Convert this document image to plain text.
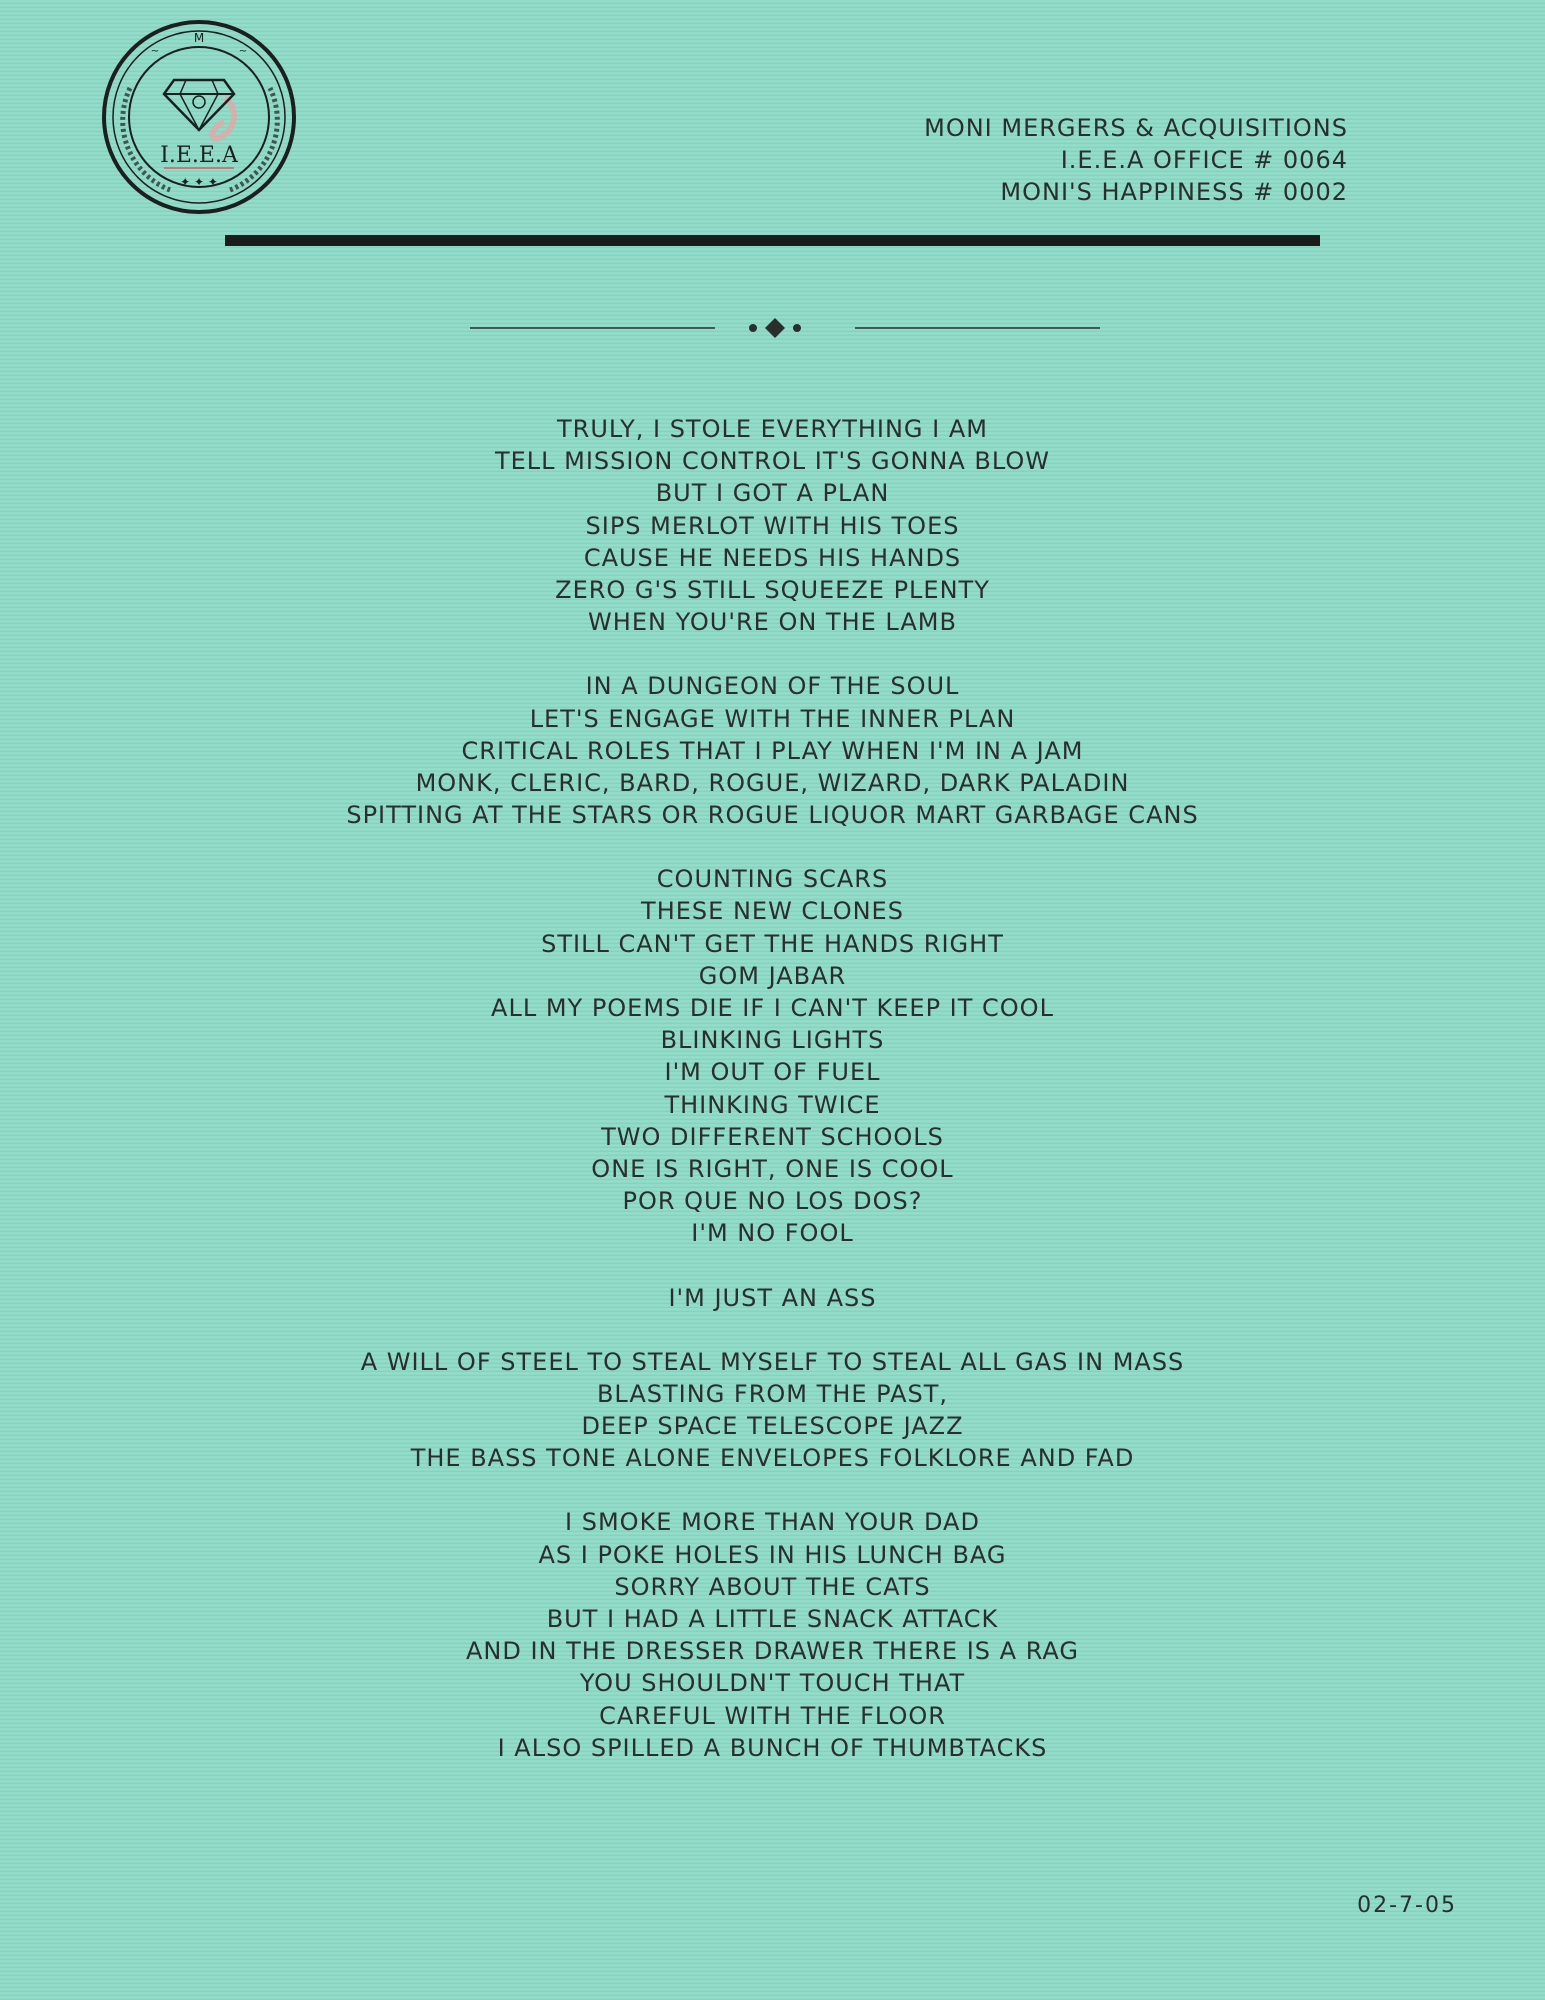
M
~	~
I.E.E.A
✦ ✦ ✦
MONI MERGERS & ACQUISITIONS
I.E.E.A OFFICE # 0064
MONI'S HAPPINESS # 0002
TRULY, I STOLE EVERYTHING I AM
TELL MISSION CONTROL IT'S GONNA BLOW
BUT I GOT A PLAN
SIPS MERLOT WITH HIS TOES
CAUSE HE NEEDS HIS HANDS
ZERO G'S STILL SQUEEZE PLENTY
WHEN YOU'RE ON THE LAMB
IN A DUNGEON OF THE SOUL
LET'S ENGAGE WITH THE INNER PLAN
CRITICAL ROLES THAT I PLAY WHEN I'M IN A JAM
MONK, CLERIC, BARD, ROGUE, WIZARD, DARK PALADIN
SPITTING AT THE STARS OR ROGUE LIQUOR MART GARBAGE CANS
COUNTING SCARS
THESE NEW CLONES
STILL CAN'T GET THE HANDS RIGHT
GOM JABAR
ALL MY POEMS DIE IF I CAN'T KEEP IT COOL
BLINKING LIGHTS
I'M OUT OF FUEL
THINKING TWICE
TWO DIFFERENT SCHOOLS
ONE IS RIGHT, ONE IS COOL
POR QUE NO LOS DOS?
I'M NO FOOL
I'M JUST AN ASS
A WILL OF STEEL TO STEAL MYSELF TO STEAL ALL GAS IN MASS
BLASTING FROM THE PAST,
DEEP SPACE TELESCOPE JAZZ
THE BASS TONE ALONE ENVELOPES FOLKLORE AND FAD
I SMOKE MORE THAN YOUR DAD
AS I POKE HOLES IN HIS LUNCH BAG
SORRY ABOUT THE CATS
BUT I HAD A LITTLE SNACK ATTACK
AND IN THE DRESSER DRAWER THERE IS A RAG
YOU SHOULDN'T TOUCH THAT
CAREFUL WITH THE FLOOR
I ALSO SPILLED A BUNCH OF THUMBTACKS
02-7-05
